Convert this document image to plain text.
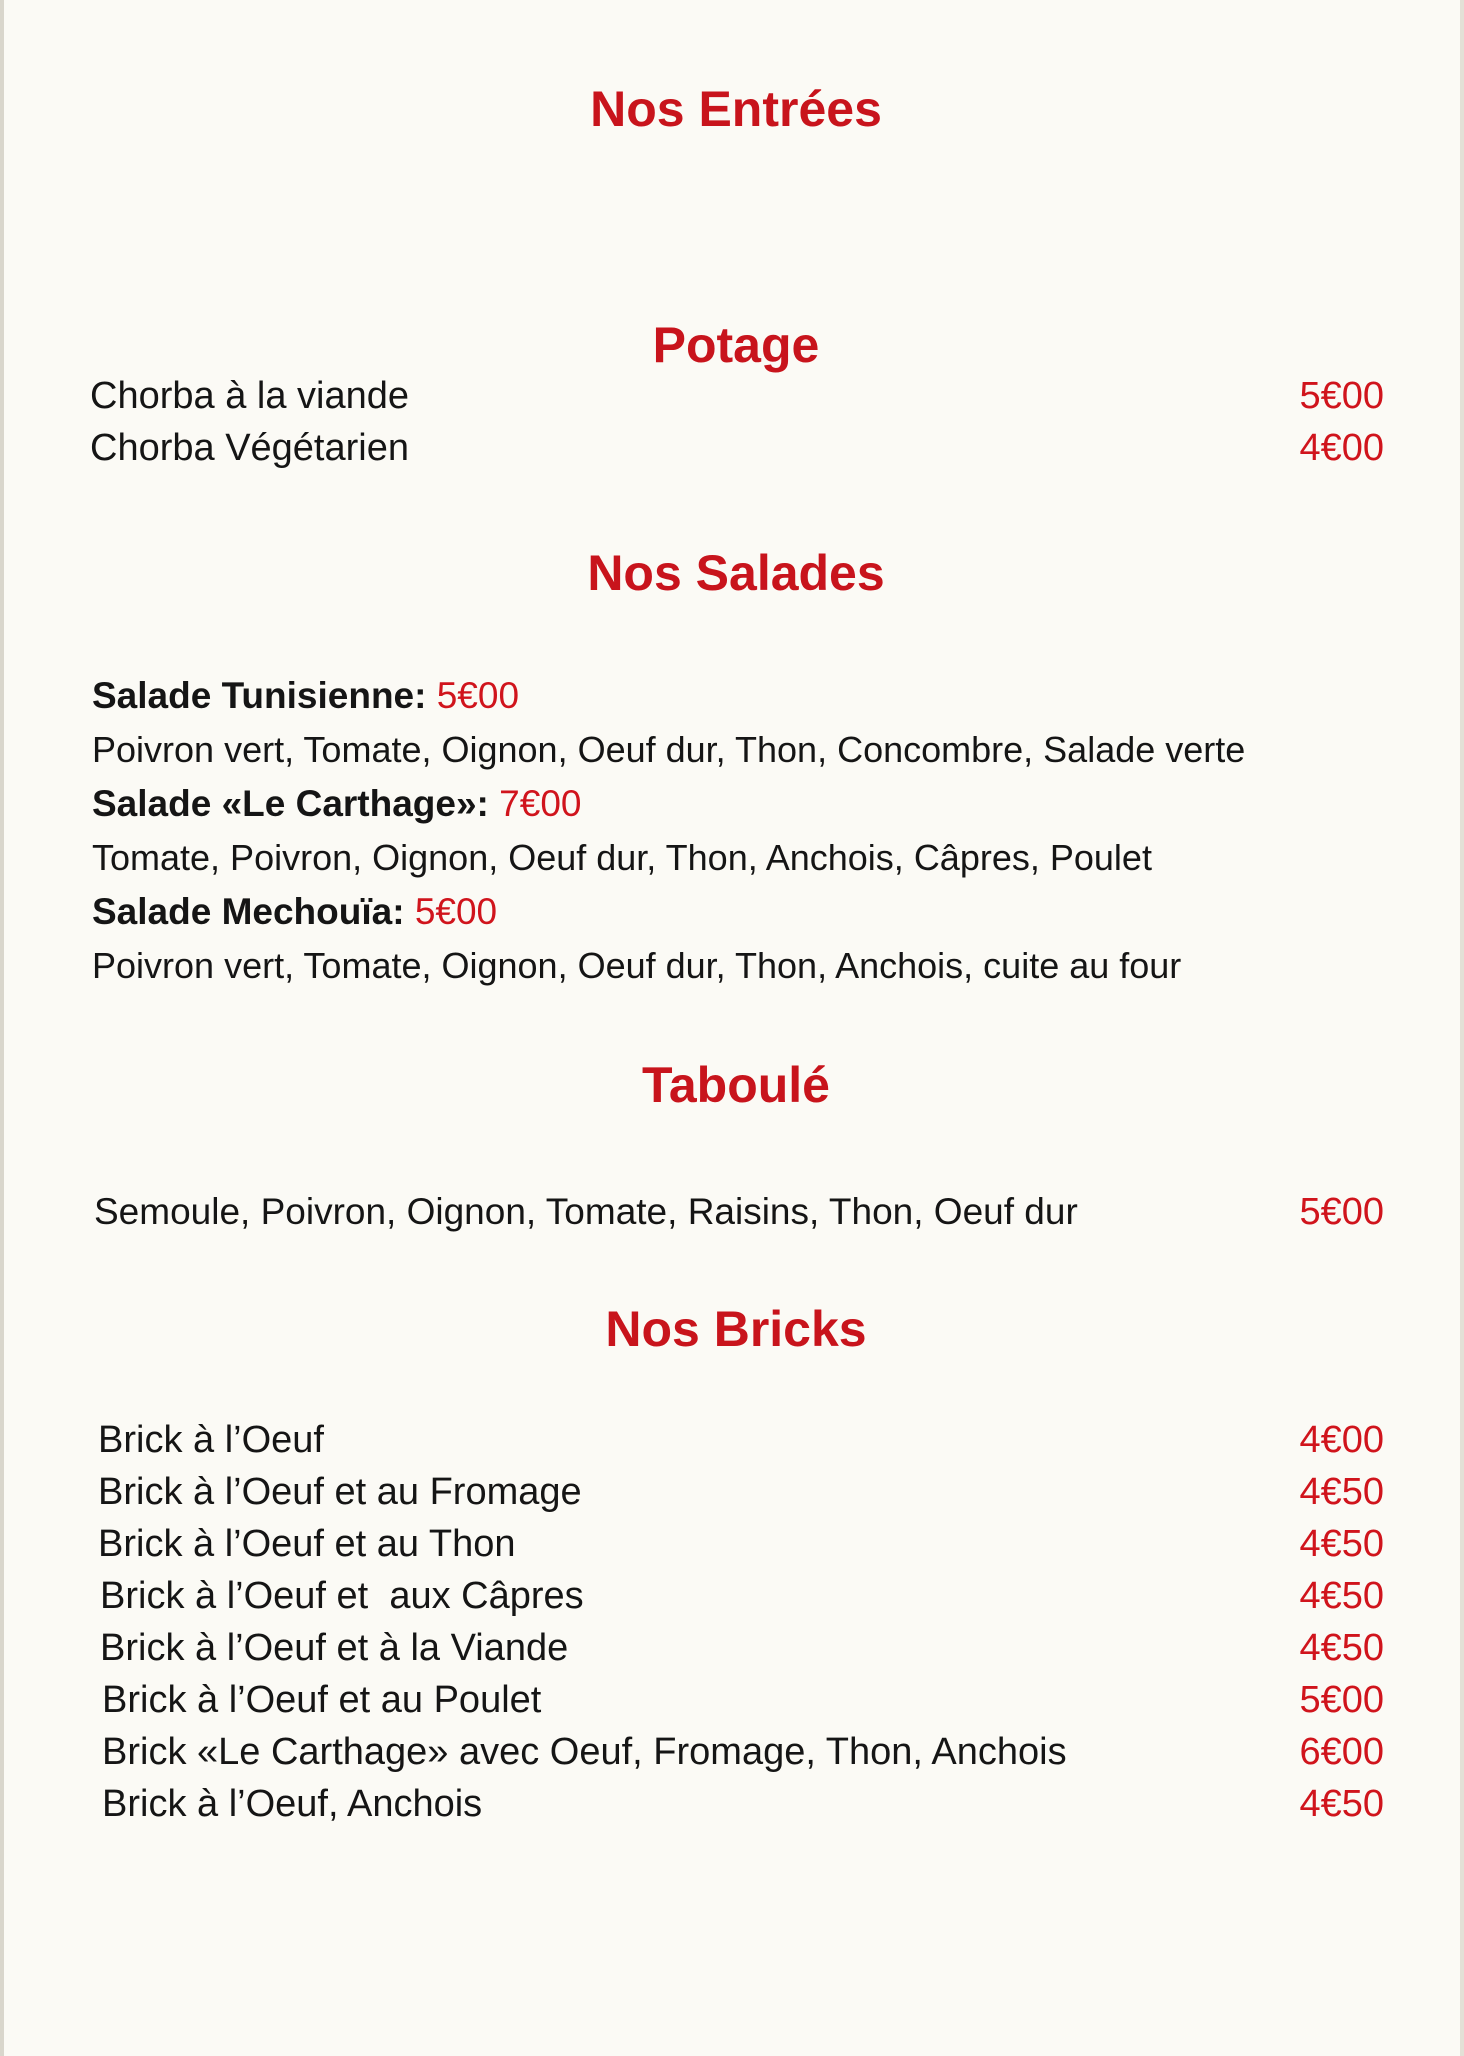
Nos Entrées
Potage
Chorba à la viande	5€00
Chorba Végétarien	4€00
Nos Salades
Salade Tunisienne: 5€00
Poivron vert, Tomate, Oignon, Oeuf dur, Thon, Concombre, Salade verte
Salade «Le Carthage»: 7€00
Tomate, Poivron, Oignon, Oeuf dur, Thon, Anchois, Câpres, Poulet
Salade Mechouïa: 5€00
Poivron vert, Tomate, Oignon, Oeuf dur, Thon, Anchois, cuite au four
Taboulé
Semoule, Poivron, Oignon, Tomate, Raisins, Thon, Oeuf dur	5€00
Nos Bricks
Brick à l’Oeuf	4€00
Brick à l’Oeuf et au Fromage	4€50
Brick à l’Oeuf et au Thon	4€50
Brick à l’Oeuf et  aux Câpres	4€50
Brick à l’Oeuf et à la Viande	4€50
Brick à l’Oeuf et au Poulet	5€00
Brick «Le Carthage» avec Oeuf, Fromage, Thon, Anchois	6€00
Brick à l’Oeuf, Anchois	4€50
